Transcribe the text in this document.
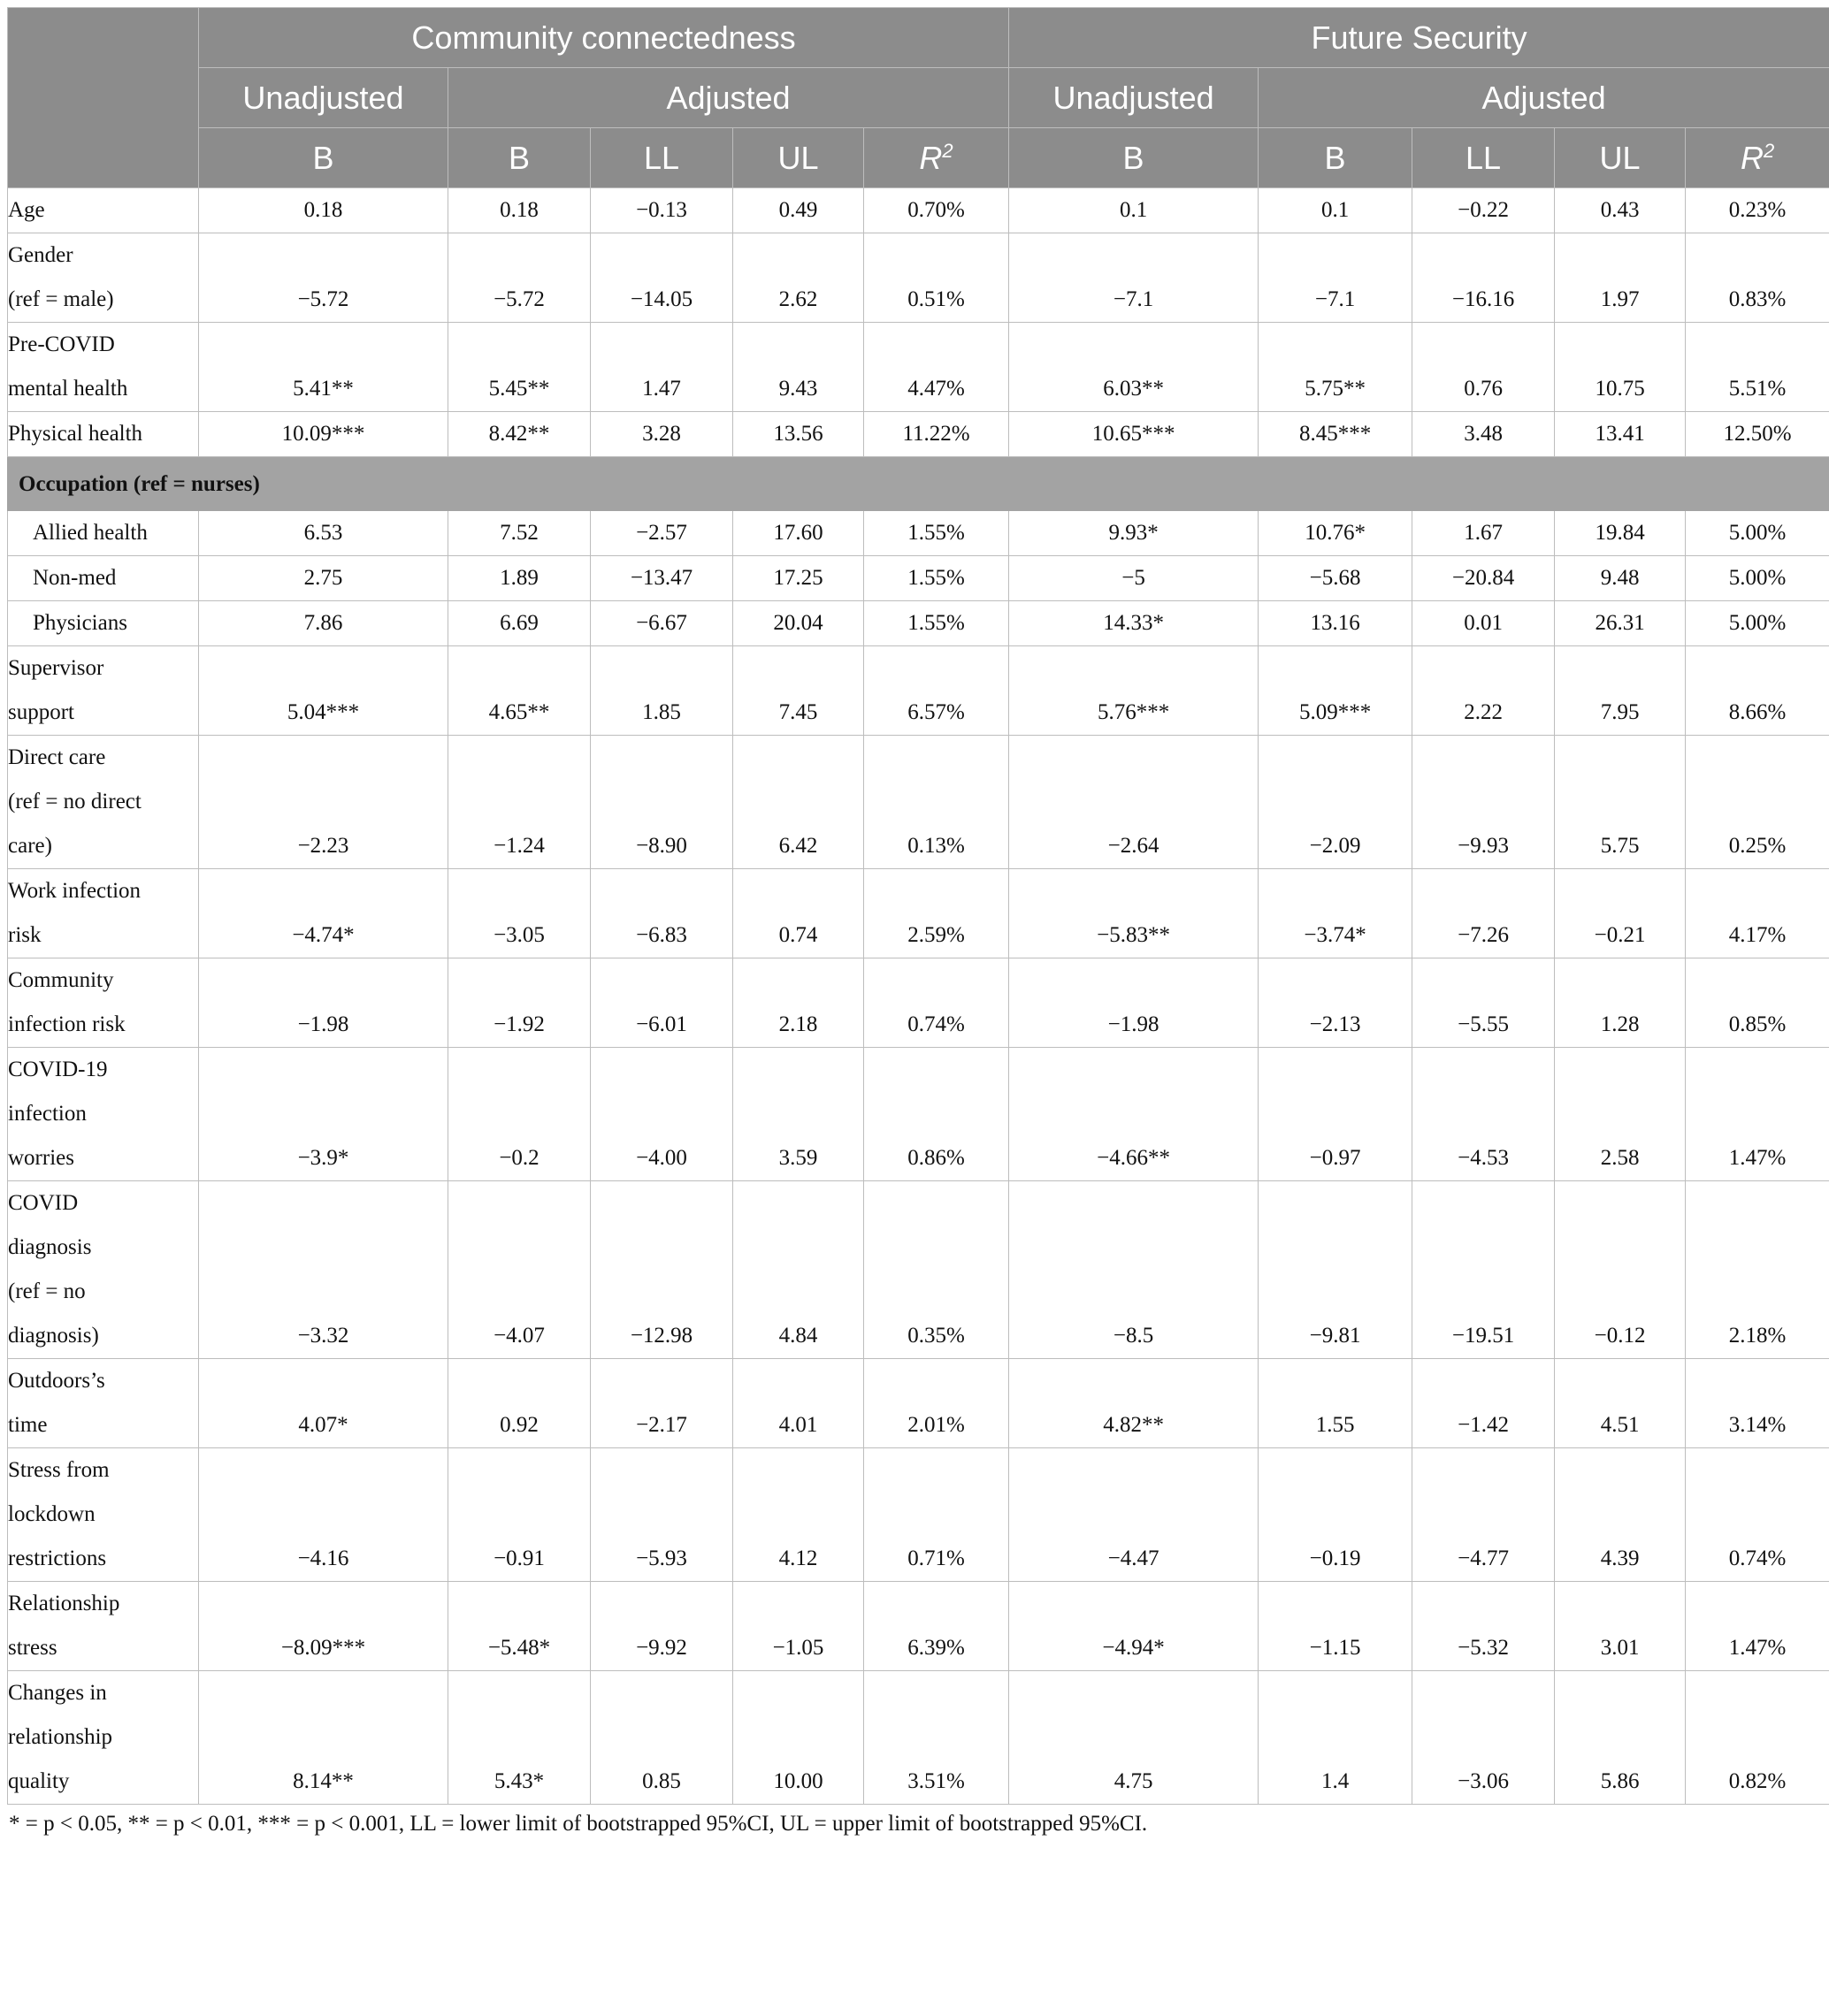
	Community connectedness					Future Security				
	Unadjusted	Adjusted				Unadjusted	Adjusted			
	B	B	LL	UL	$R^2$	B	B	LL	UL	$R^2$
Age	0.18	0.18	−0.13	0.49	0.70%	0.1	0.1	−0.22	0.43	0.23%
Gender
(ref = male)	−5.72	−5.72	−14.05	2.62	0.51%	−7.1	−7.1	−16.16	1.97	0.83%
Pre-COVID
mental health	5.41**	5.45**	1.47	9.43	4.47%	6.03**	5.75**	0.76	10.75	5.51%
Physical health	10.09***	8.42**	3.28	13.56	11.22%	10.65***	8.45***	3.48	13.41	12.50%
Occupation (ref = nurses)										
Allied health	6.53	7.52	−2.57	17.60	1.55%	9.93*	10.76*	1.67	19.84	5.00%
Non-med	2.75	1.89	−13.47	17.25	1.55%	−5	−5.68	−20.84	9.48	5.00%
Physicians	7.86	6.69	−6.67	20.04	1.55%	14.33*	13.16	0.01	26.31	5.00%
Supervisor
support	5.04***	4.65**	1.85	7.45	6.57%	5.76***	5.09***	2.22	7.95	8.66%
Direct care
(ref = no direct
care)	−2.23	−1.24	−8.90	6.42	0.13%	−2.64	−2.09	−9.93	5.75	0.25%
Work infection
risk	−4.74*	−3.05	−6.83	0.74	2.59%	−5.83**	−3.74*	−7.26	−0.21	4.17%
Community
infection risk	−1.98	−1.92	−6.01	2.18	0.74%	−1.98	−2.13	−5.55	1.28	0.85%
COVID-19
infection
worries	−3.9*	−0.2	−4.00	3.59	0.86%	−4.66**	−0.97	−4.53	2.58	1.47%
COVID
diagnosis
(ref = no
diagnosis)	−3.32	−4.07	−12.98	4.84	0.35%	−8.5	−9.81	−19.51	−0.12	2.18%
Outdoors’s
time	4.07*	0.92	−2.17	4.01	2.01%	4.82**	1.55	−1.42	4.51	3.14%
Stress from
lockdown
restrictions	−4.16	−0.91	−5.93	4.12	0.71%	−4.47	−0.19	−4.77	4.39	0.74%
Relationship
stress	−8.09***	−5.48*	−9.92	−1.05	6.39%	−4.94*	−1.15	−5.32	3.01	1.47%
Changes in
relationship
quality	8.14**	5.43*	0.85	10.00	3.51%	4.75	1.4	−3.06	5.86	0.82%
* = p < 0.05, ** = p < 0.01, *** = p < 0.001, LL = lower limit of bootstrapped 95%CI, UL = upper limit of bootstrapped 95%CI.
